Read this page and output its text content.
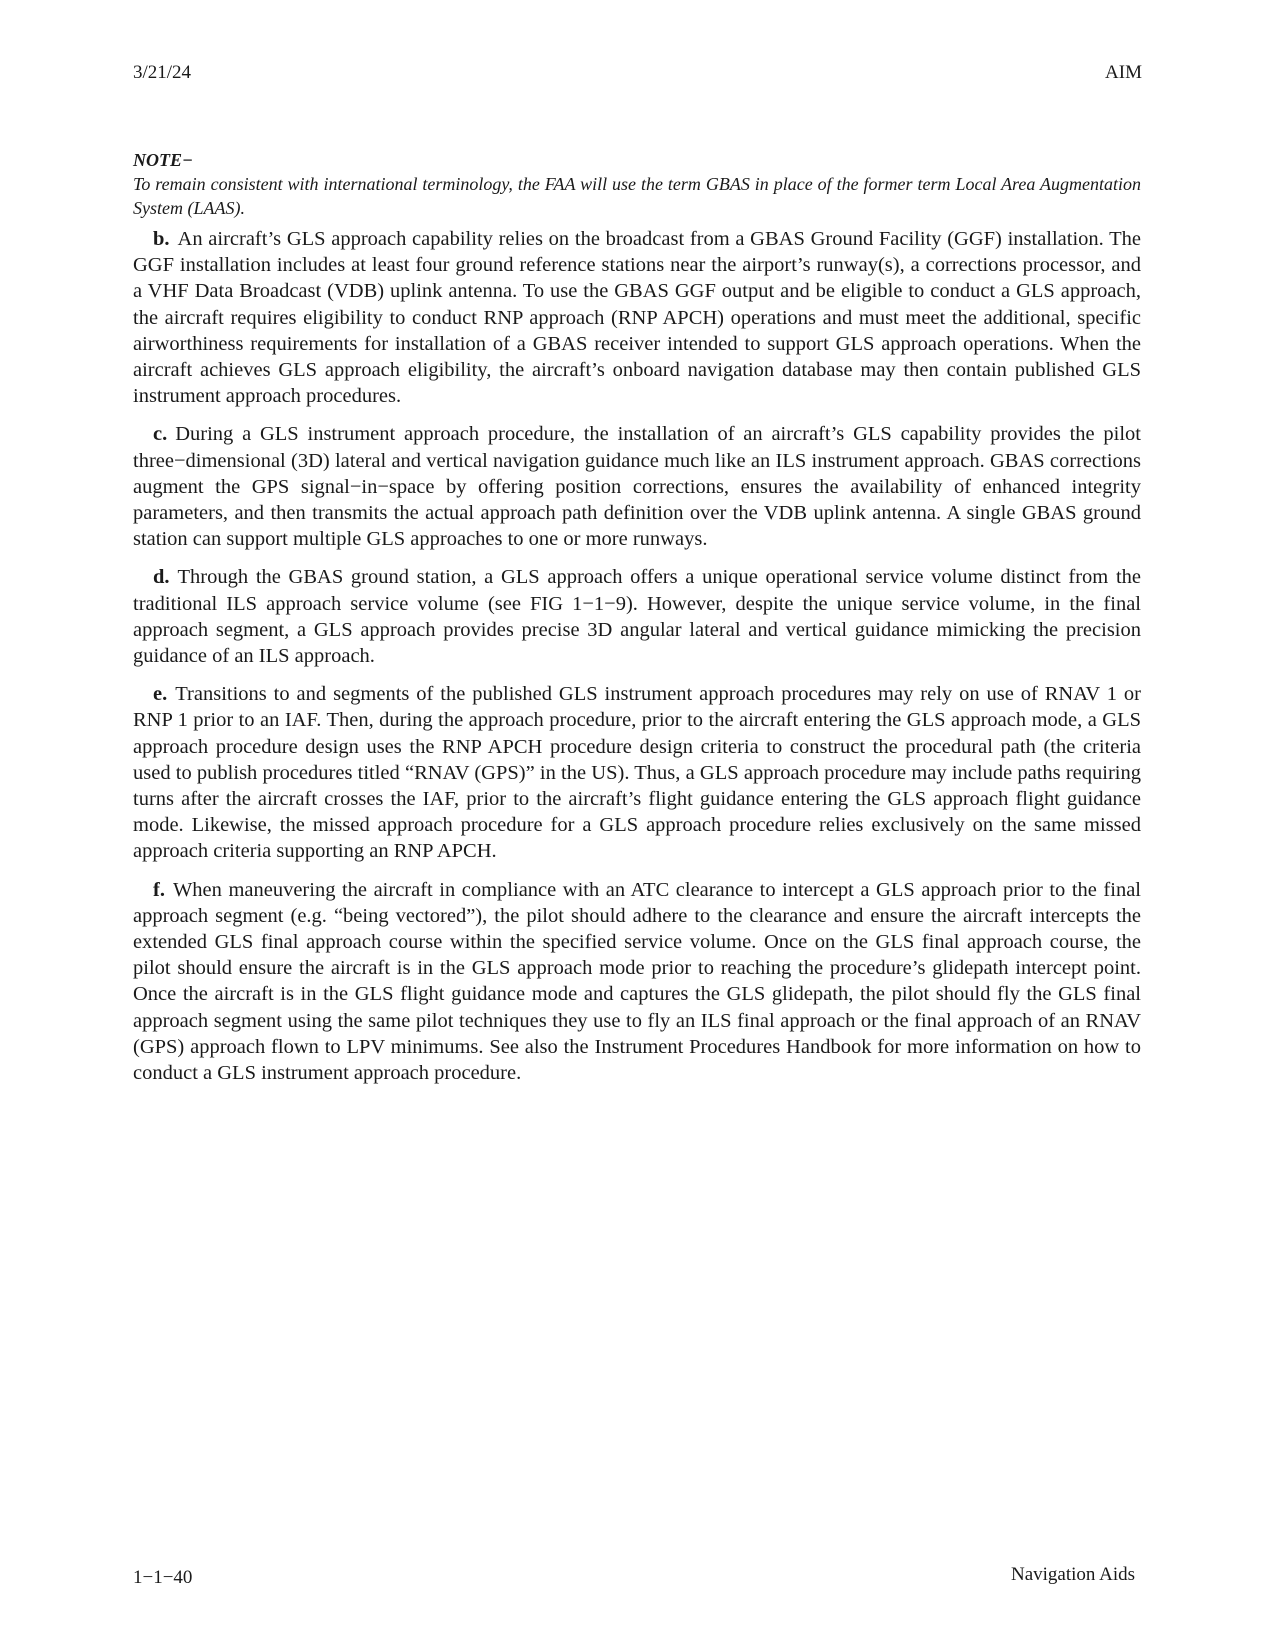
3/21/24	AIM
NOTE−
To remain consistent with international terminology, the FAA will use the term GBAS in place of the former term Local Area Augmentation System (LAAS).

b. An aircraft’s GLS approach capability relies on the broadcast from a GBAS Ground Facility (GGF) installation. The GGF installation includes at least four ground reference stations near the airport’s runway(s), a corrections processor, and a VHF Data Broadcast (VDB) uplink antenna. To use the GBAS GGF output and be eligible to conduct a GLS approach, the aircraft requires eligibility to conduct RNP approach (RNP APCH) operations and must meet the additional, specific airworthiness requirements for installation of a GBAS receiver intended to support GLS approach operations. When the aircraft achieves GLS approach eligibility, the aircraft’s onboard navigation database may then contain published GLS instrument approach procedures.

c. During a GLS instrument approach procedure, the installation of an aircraft’s GLS capability provides the pilot three−dimensional (3D) lateral and vertical navigation guidance much like an ILS instrument approach. GBAS corrections augment the GPS signal−in−space by offering position corrections, ensures the availability of enhanced integrity parameters, and then transmits the actual approach path definition over the VDB uplink antenna. A single GBAS ground station can support multiple GLS approaches to one or more runways.

d. Through the GBAS ground station, a GLS approach offers a unique operational service volume distinct from the traditional ILS approach service volume (see FIG 1−1−9). However, despite the unique service volume, in the final approach segment, a GLS approach provides precise 3D angular lateral and vertical guidance mimicking the precision guidance of an ILS approach.

e. Transitions to and segments of the published GLS instrument approach procedures may rely on use of RNAV 1 or RNP 1 prior to an IAF. Then, during the approach procedure, prior to the aircraft entering the GLS approach mode, a GLS approach procedure design uses the RNP APCH procedure design criteria to construct the procedural path (the criteria used to publish procedures titled “RNAV (GPS)” in the US). Thus, a GLS approach procedure may include paths requiring turns after the aircraft crosses the IAF, prior to the aircraft’s flight guidance entering the GLS approach flight guidance mode. Likewise, the missed approach procedure for a GLS approach procedure relies exclusively on the same missed approach criteria supporting an RNP APCH.

f. When maneuvering the aircraft in compliance with an ATC clearance to intercept a GLS approach prior to the final approach segment (e.g. “being vectored”), the pilot should adhere to the clearance and ensure the aircraft intercepts the extended GLS final approach course within the specified service volume. Once on the GLS final approach course, the pilot should ensure the aircraft is in the GLS approach mode prior to reaching the procedure’s glidepath intercept point. Once the aircraft is in the GLS flight guidance mode and captures the GLS glidepath, the pilot should fly the GLS final approach segment using the same pilot techniques they use to fly an ILS final approach or the final approach of an RNAV (GPS) approach flown to LPV minimums. See also the Instrument Procedures Handbook for more information on how to conduct a GLS instrument approach procedure.

1−1−40	Navigation Aids
